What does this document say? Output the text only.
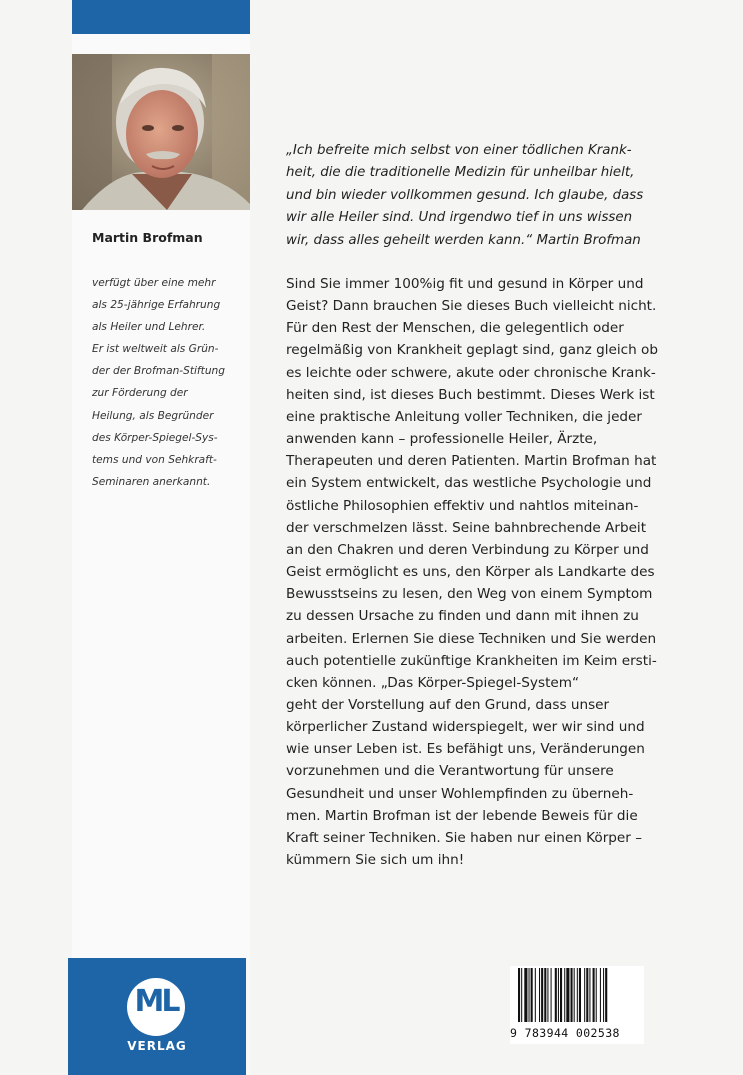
Martin Brofman
verfügt über eine mehr
als 25-jährige Erfahrung
als Heiler und Lehrer.
Er ist weltweit als Grün-
der der Brofman-Stiftung
zur Förderung der
Heilung, als Begründer
des Körper-Spiegel-Sys-
tems und von Sehkraft-
Seminaren anerkannt.
„Ich befreite mich selbst von einer tödlichen Krank-
heit, die die traditionelle Medizin für unheilbar hielt,
und bin wieder vollkommen gesund. Ich glaube, dass
wir alle Heiler sind. Und irgendwo tief in uns wissen
wir, dass alles geheilt werden kann.“ Martin Brofman
Sind Sie immer 100%ig fit und gesund in Körper und
Geist? Dann brauchen Sie dieses Buch vielleicht nicht.
Für den Rest der Menschen, die gelegentlich oder
regelmäßig von Krankheit geplagt sind, ganz gleich ob
es leichte oder schwere, akute oder chronische Krank-
heiten sind, ist dieses Buch bestimmt. Dieses Werk ist
eine praktische Anleitung voller Techniken, die jeder
anwenden kann – professionelle Heiler, Ärzte,
Therapeuten und deren Patienten. Martin Brofman hat
ein System entwickelt, das westliche Psychologie und
östliche Philosophien effektiv und nahtlos miteinan-
der verschmelzen lässt. Seine bahnbrechende Arbeit
an den Chakren und deren Verbindung zu Körper und
Geist ermöglicht es uns, den Körper als Landkarte des
Bewusstseins zu lesen, den Weg von einem Symptom
zu dessen Ursache zu finden und dann mit ihnen zu
arbeiten. Erlernen Sie diese Techniken und Sie werden
auch potentielle zukünftige Krankheiten im Keim ersti-
cken können. „Das Körper-Spiegel-System“
geht der Vorstellung auf den Grund, dass unser
körperlicher Zustand widerspiegelt, wer wir sind und
wie unser Leben ist. Es befähigt uns, Veränderungen
vorzunehmen und die Verantwortung für unsere
Gesundheit und unser Wohlempfinden zu überneh-
men. Martin Brofman ist der lebende Beweis für die
Kraft seiner Techniken. Sie haben nur einen Körper –
kümmern Sie sich um ihn!
ML
VERLAG
9 783944 002538
